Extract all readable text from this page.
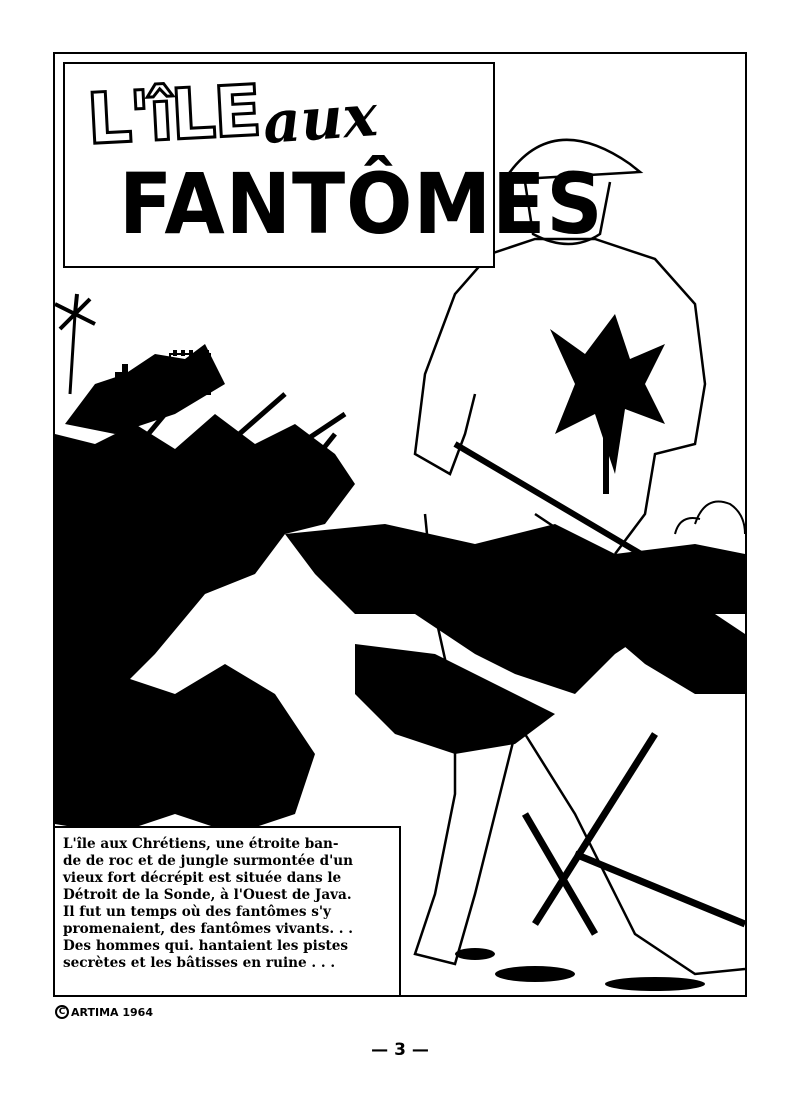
L'îLE aux
FANTÔMES

L'île aux Chrétiens, une étroite ban-
de de roc et de jungle surmontée d'un
vieux fort décrépit est située dans le
Détroit de la Sonde, à l'Ouest de Java.
Il fut un temps où des fantômes s'y
promenaient, des fantômes vivants. . .
Des hommes qui. hantaient les pistes
secrètes et les bâtisses en ruine . . .

C ARTIMA 1964
— 3 —
